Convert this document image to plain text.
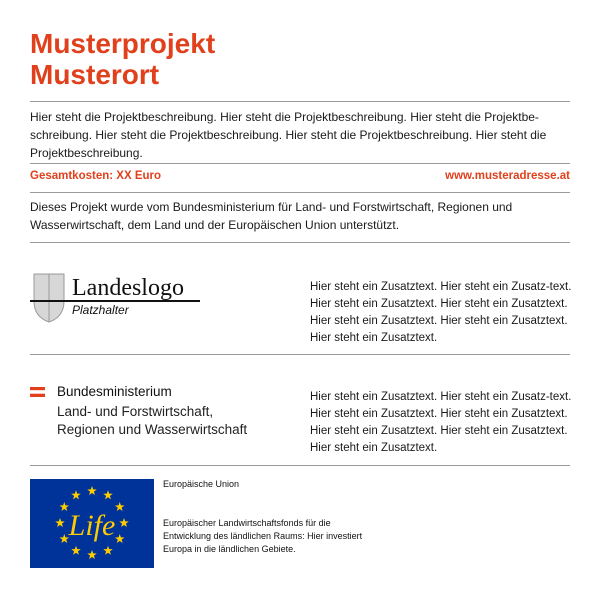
Musterprojekt
Musterort

Hier steht die Projektbeschreibung. Hier steht die Projektbeschreibung. Hier steht die Projektbe-schreibung. Hier steht die Projektbeschreibung. Hier steht die Projektbeschreibung. Hier steht die Projektbeschreibung.

Gesamtkosten: XX Euro	www.musteradresse.at

Dieses Projekt wurde vom Bundesministerium für Land- und Forstwirtschaft, Regionen und Wasserwirtschaft, dem Land und der Europäischen Union unterstützt.

Landeslogo
Platzhalter

Hier steht ein Zusatztext. Hier steht ein Zusatz-text. Hier steht ein Zusatztext. Hier steht ein Zusatztext. Hier steht ein Zusatztext. Hier steht ein Zusatztext. Hier steht ein Zusatztext.

Bundesministerium
Land- und Forstwirtschaft,
Regionen und Wasserwirtschaft

Hier steht ein Zusatztext. Hier steht ein Zusatz-text. Hier steht ein Zusatztext. Hier steht ein Zusatztext. Hier steht ein Zusatztext. Hier steht ein Zusatztext. Hier steht ein Zusatztext.

Life

Europäische Union

Europäischer Landwirtschaftsfonds für die Entwicklung des ländlichen Raums: Hier investiert Europa in die ländlichen Gebiete.
